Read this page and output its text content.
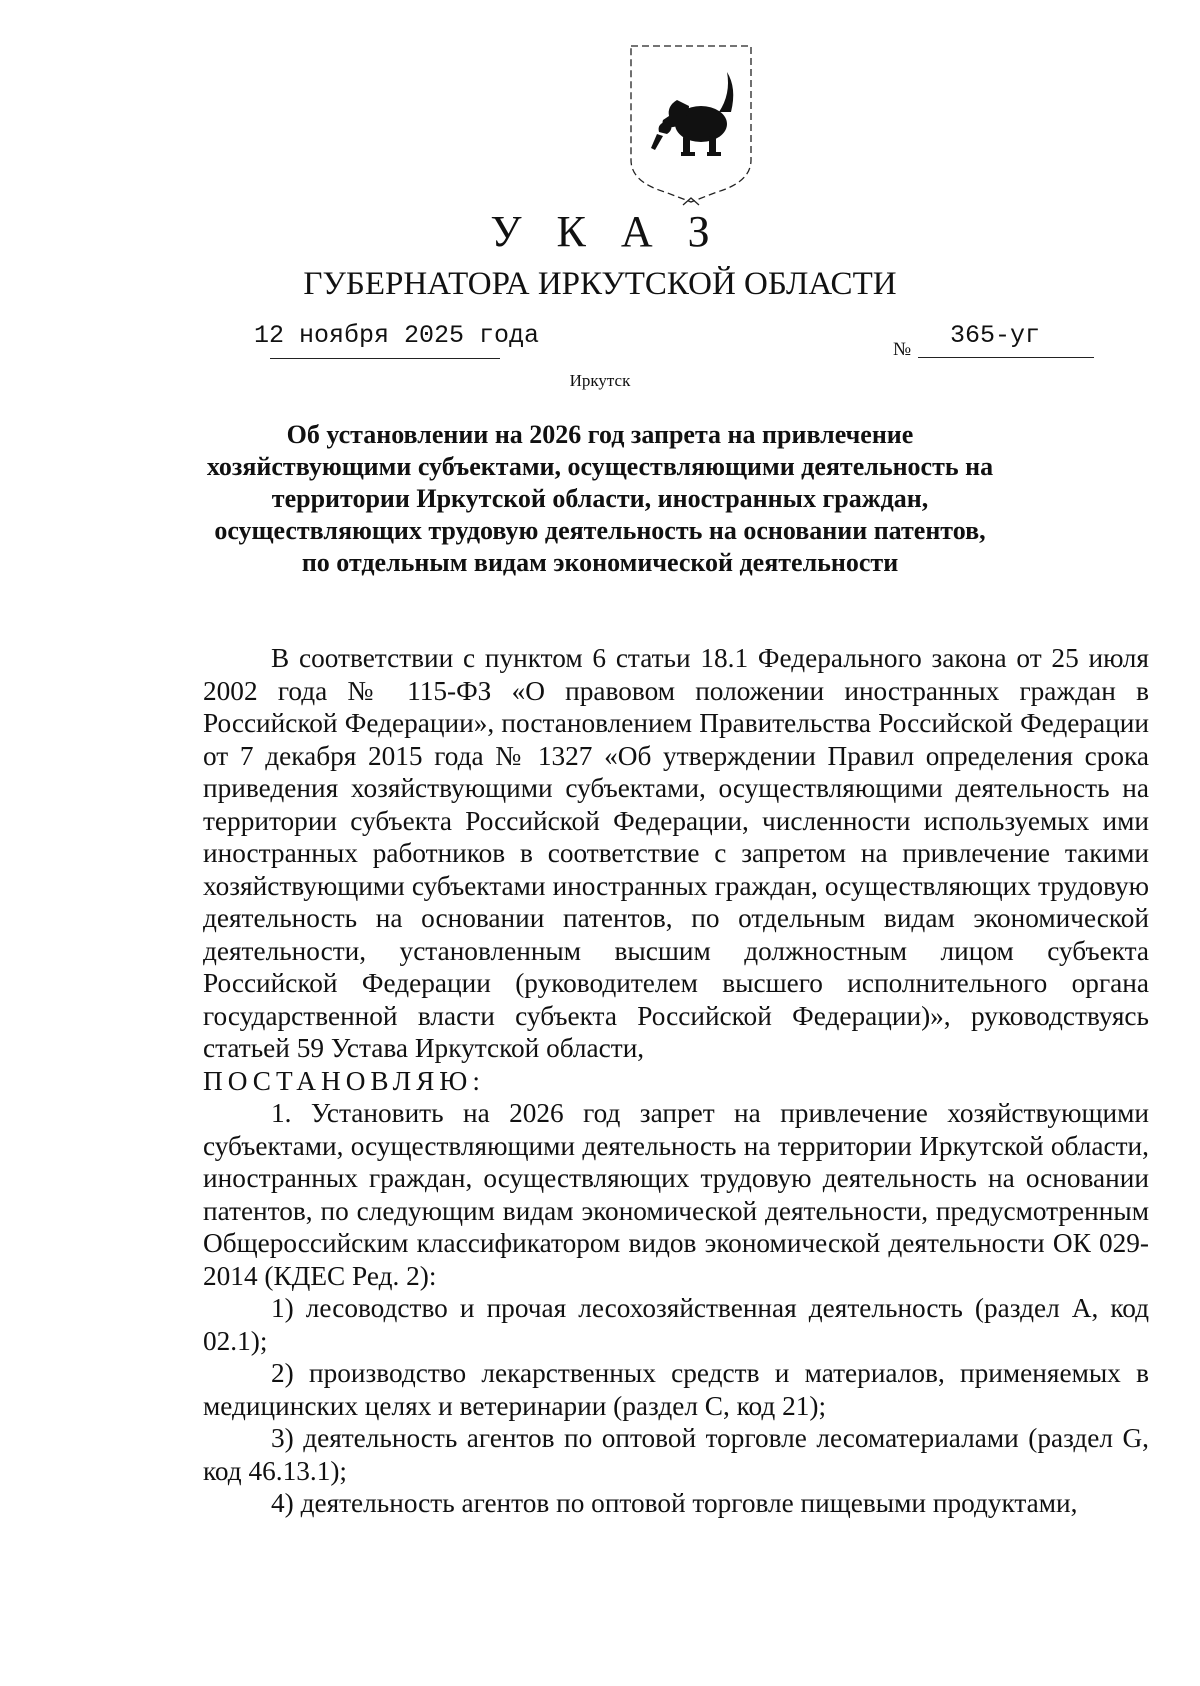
У К А З
ГУБЕРНАТОРА ИРКУТСКОЙ ОБЛАСТИ
12 ноября 2025 года	№ 365-уг
Иркутск
Об установлении на 2026 год запрета на привлечение хозяйствующими субъектами, осуществляющими деятельность на территории Иркутской области, иностранных граждан, осуществляющих трудовую деятельность на основании патентов, по отдельным видам экономической деятельности

В соответствии с пунктом 6 статьи 18.1 Федерального закона от 25 июля 2002 года № 115-ФЗ «О правовом положении иностранных граждан в Российской Федерации», постановлением Правительства Российской Федерации от 7 декабря 2015 года № 1327 «Об утверждении Правил определения срока приведения хозяйствующими субъектами, осуществляющими деятельность на территории субъекта Российской Федерации, численности используемых ими иностранных работников в соответствие с запретом на привлечение такими хозяйствующими субъектами иностранных граждан, осуществляющих трудовую деятельность на основании патентов, по отдельным видам экономической деятельности, установленным высшим должностным лицом субъекта Российской Федерации (руководителем высшего исполнительного органа государственной власти субъекта Российской Федерации)», руководствуясь статьей 59 Устава Иркутской области,

ПОСТАНОВЛЯЮ:

1. Установить на 2026 год запрет на привлечение хозяйствующими субъектами, осуществляющими деятельность на территории Иркутской области, иностранных граждан, осуществляющих трудовую деятельность на основании патентов, по следующим видам экономической деятельности, предусмотренным Общероссийским классификатором видов экономической деятельности ОК 029-2014 (КДЕС Ред. 2):

1) лесоводство и прочая лесохозяйственная деятельность (раздел A, код 02.1);

2) производство лекарственных средств и материалов, применяемых в медицинских целях и ветеринарии (раздел C, код 21);

3) деятельность агентов по оптовой торговле лесоматериалами (раздел G, код 46.13.1);

4) деятельность агентов по оптовой торговле пищевыми продуктами,
